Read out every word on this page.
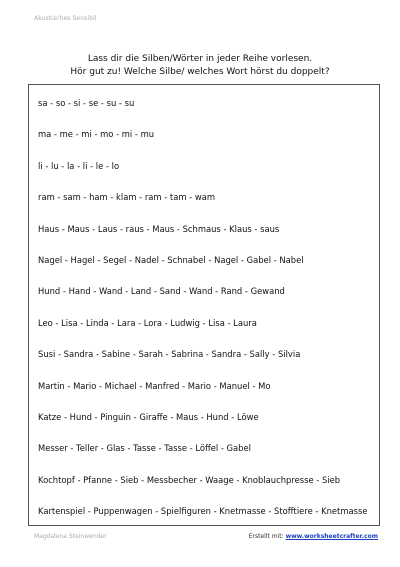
Akustisches Sensibil
Lass dir die Silben/Wörter in jeder Reihe vorlesen.
Hör gut zu! Welche Silbe/ welches Wort hörst du doppelt?
sa - so - si - se - su - su
ma - me - mi - mo - mi - mu
li - lu - la - li - le - lo
ram - sam - ham - klam - ram - tam - wam
Haus - Maus - Laus - raus - Maus - Schmaus - Klaus - saus
Nagel - Hagel - Segel - Nadel - Schnabel - Nagel - Gabel - Nabel
Hund - Hand - Wand - Land - Sand - Wand - Rand - Gewand
Leo - Lisa - Linda - Lara - Lora - Ludwig - Lisa - Laura
Susi - Sandra - Sabine - Sarah - Sabrina - Sandra - Sally - Silvia
Martin - Mario - Michael - Manfred - Mario - Manuel - Mo
Katze - Hund - Pinguin - Giraffe - Maus - Hund - Löwe
Messer - Teller - Glas - Tasse - Tasse - Löffel - Gabel
Kochtopf - Pfanne - Sieb - Messbecher - Waage - Knoblauchpresse - Sieb
Kartenspiel - Puppenwagen - Spielfiguren - Knetmasse - Stofftiere - Knetmasse
Magdalena Steinwender	Erstellt mit: www.worksheetcrafter.com
